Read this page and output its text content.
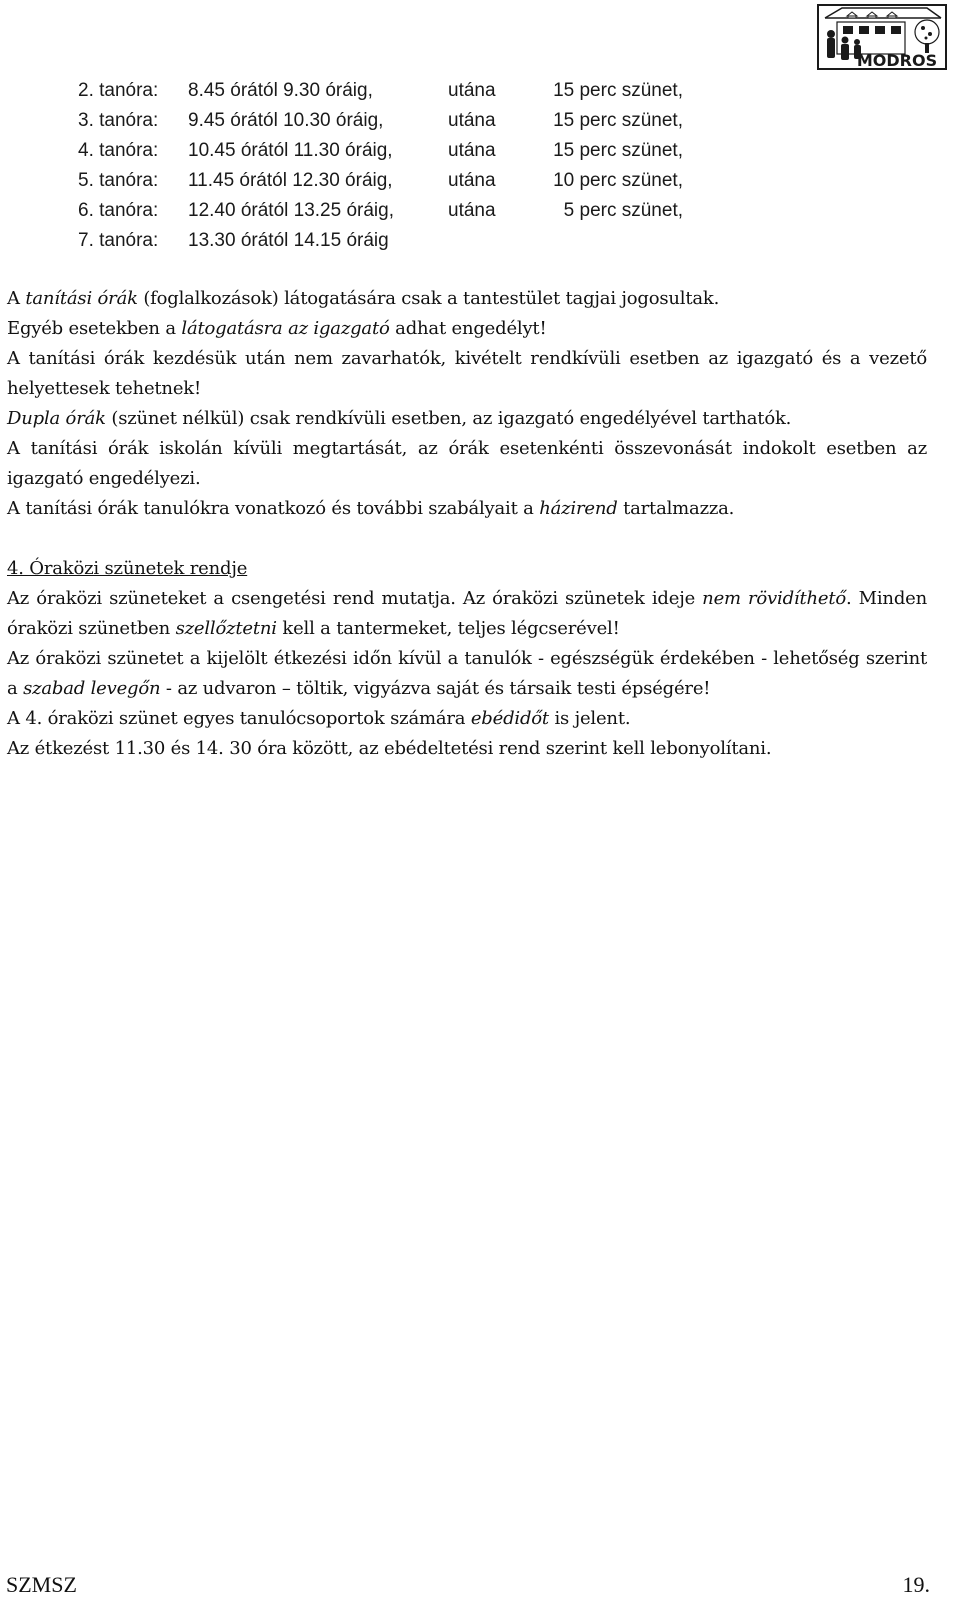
MODROS
2. tanóra:	8.45 órától 9.30 óráig,	utána	15 perc szünet,
3. tanóra:	9.45 órától 10.30 óráig,	utána	15 perc szünet,
4. tanóra:	10.45 órától 11.30 óráig,	utána	15 perc szünet,
5. tanóra:	11.45 órától 12.30 óráig,	utána	10 perc szünet,
6. tanóra:	12.40 órától 13.25 óráig,	utána	5 perc szünet,
7. tanóra:	13.30 órától 14.15 óráig

A tanítási órák (foglalkozások) látogatására csak a tantestület tagjai jogosultak.

Egyéb esetekben a látogatásra az igazgató adhat engedélyt!

A tanítási órák kezdésük után nem zavarhatók, kivételt rendkívüli esetben az igazgató és a vezető helyettesek tehetnek!

Dupla órák (szünet nélkül) csak rendkívüli esetben, az igazgató engedélyével tarthatók.

A tanítási órák iskolán kívüli megtartását, az órák esetenkénti összevonását indokolt esetben az igazgató engedélyezi.

A tanítási órák tanulókra vonatkozó és további szabályait a házirend tartalmazza.

4. Óraközi szünetek rendje

Az óraközi szüneteket a csengetési rend mutatja. Az óraközi szünetek ideje nem rövidíthető. Minden óraközi szünetben szellőztetni kell a tantermeket, teljes légcserével!

Az óraközi szünetet a kijelölt étkezési időn kívül a tanulók - egészségük érdekében - lehetőség szerint a szabad levegőn - az udvaron – töltik, vigyázva saját és társaik testi épségére!

A 4. óraközi szünet egyes tanulócsoportok számára ebédidőt is jelent.

Az étkezést 11.30 és 14. 30 óra között, az ebédeltetési rend szerint kell lebonyolítani.

SZMSZ	19.
